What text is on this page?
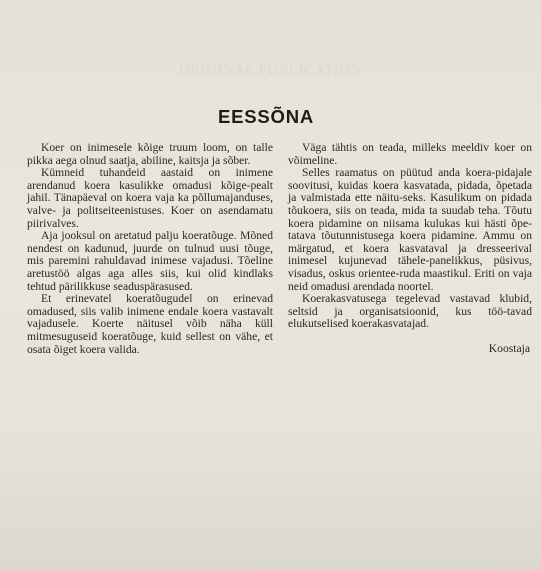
ORIGINAL PUBLICATION
EESSÕNA

Koer on inimesele kõige truum loom, on talle pikka aega olnud saatja, abiline, kaitsja ja sõber.

Kümneid tuhandeid aastaid on inimene arendanud koera kasulikke omadusi kõige-pealt jahil. Tänapäeval on koera vaja ka põllumajanduses, valve- ja politseiteenistuses. Koer on asendamatu piirivalves.

Aja jooksul on aretatud palju koeratõuge. Mõned nendest on kadunud, juurde on tulnud uusi tõuge, mis paremini rahuldavad inimese vajadusi. Tõeline aretustöö algas aga alles siis, kui olid kindlaks tehtud pärilikkuse seaduspärasused.

Et erinevatel koeratõugudel on erinevad omadused, siis valib inimene endale koera vastavalt vajadusele. Koerte näitusel võib näha küll mitmesuguseid koeratõuge, kuid sellest on vähe, et osata õiget koera valida.

Väga tähtis on teada, milleks meeldiv koer on võimeline.

Selles raamatus on püütud anda koera-pidajale soovitusi, kuidas koera kasvatada, pidada, õpetada ja valmistada ette näitu-seks. Kasulikum on pidada tõukoera, siis on teada, mida ta suudab teha. Tõutu koera pidamine on niisama kulukas kui hästi õpe-tatava tõutunnistusega koera pidamine. Ammu on märgatud, et koera kasvataval ja dresseerival inimesel kujunevad tähele-panelikkus, püsivus, visadus, oskus orientee-ruda maastikul. Eriti on vaja neid omadusi arendada noortel.

Koerakasvatusega tegelevad vastavad klubid, seltsid ja organisatsioonid, kus töö-tavad elukutselised koerakasvatajad.

Koostaja
